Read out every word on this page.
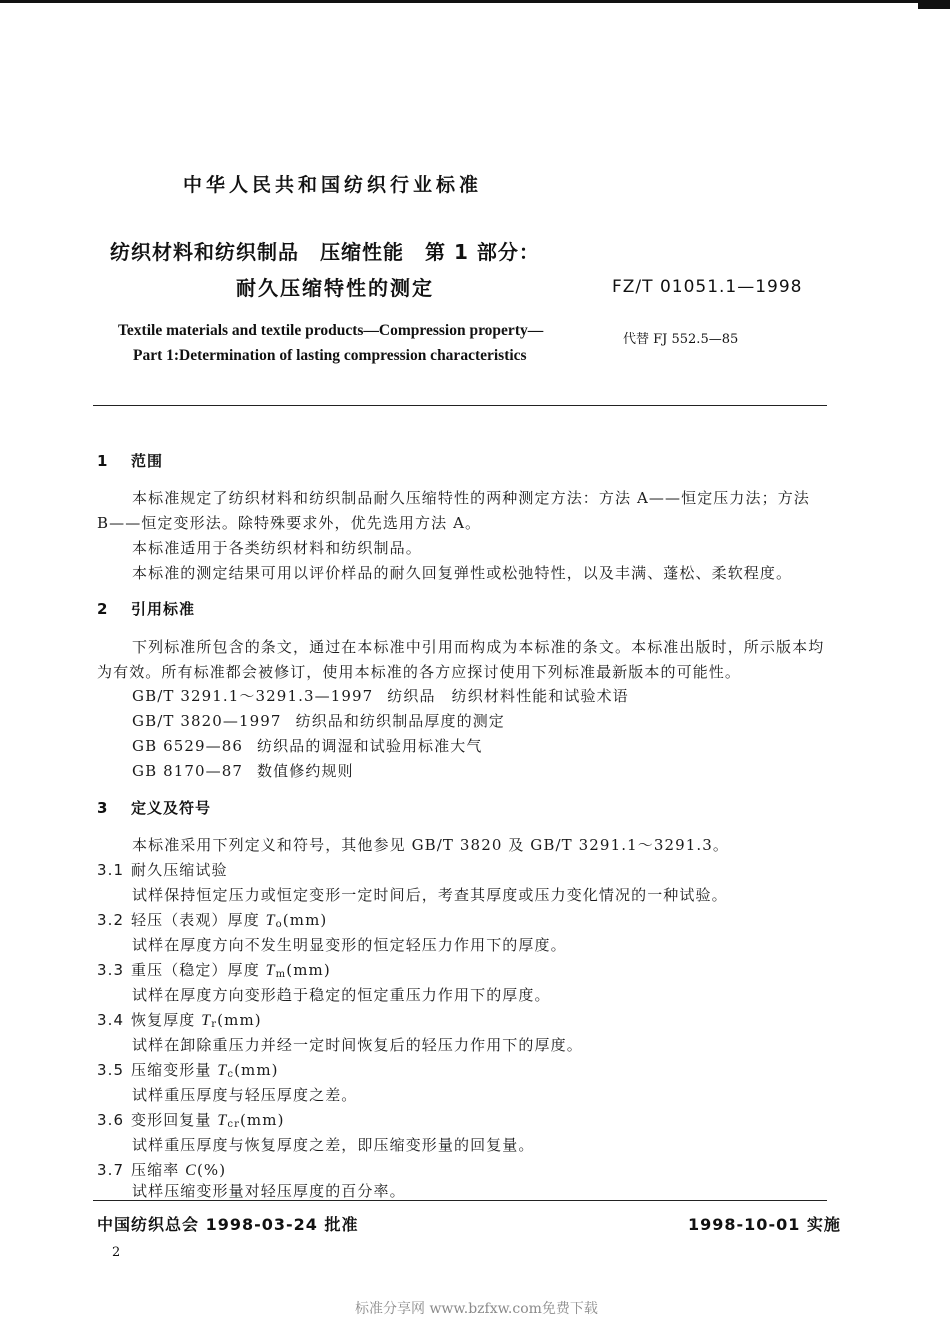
中华人民共和国纺织行业标准
纺织材料和纺织制品　压缩性能　第 1 部分：
耐久压缩特性的测定	FZ/T 01051.1—1998
Textile materials and textile products—Compression property—
Part 1:Determination of lasting compression characteristics
代替 FJ 552.5—85
1 范围
本标准规定了纺织材料和纺织制品耐久压缩特性的两种测定方法：方法 A——恒定压力法；方法
B——恒定变形法。除特殊要求外，优先选用方法 A。
本标准适用于各类纺织材料和纺织制品。
本标准的测定结果可用以评价样品的耐久回复弹性或松弛特性，以及丰满、蓬松、柔软程度。
2 引用标准
下列标准所包含的条文，通过在本标准中引用而构成为本标准的条文。本标准出版时，所示版本均
为有效。所有标准都会被修订，使用本标准的各方应探讨使用下列标准最新版本的可能性。
GB/T 3291.1～3291.3—1997 纺织品　纺织材料性能和试验术语
GB/T 3820—1997 纺织品和纺织制品厚度的测定
GB 6529—86 纺织品的调湿和试验用标准大气
GB 8170—87 数值修约规则
3 定义及符号
本标准采用下列定义和符号，其他参见 GB/T 3820 及 GB/T 3291.1～3291.3。
3.1 耐久压缩试验
试样保持恒定压力或恒定变形一定时间后，考查其厚度或压力变化情况的一种试验。
3.2 轻压（表观）厚度 $T_o(mm)$
试样在厚度方向不发生明显变形的恒定轻压力作用下的厚度。
3.3 重压（稳定）厚度 $T_m(mm)$
试样在厚度方向变形趋于稳定的恒定重压力作用下的厚度。
3.4 恢复厚度 $T_r(mm)$
试样在卸除重压力并经一定时间恢复后的轻压力作用下的厚度。
3.5 压缩变形量 $T_c(mm)$
试样重压厚度与轻压厚度之差。
3.6 变形回复量 $T_{cr}(mm)$
试样重压厚度与恢复厚度之差，即压缩变形量的回复量。
3.7 压缩率 C(%)
试样压缩变形量对轻压厚度的百分率。
中国纺织总会 1998-03-24 批准	1998-10-01 实施
2
标准分享网 www.bzfxw.com免费下载
